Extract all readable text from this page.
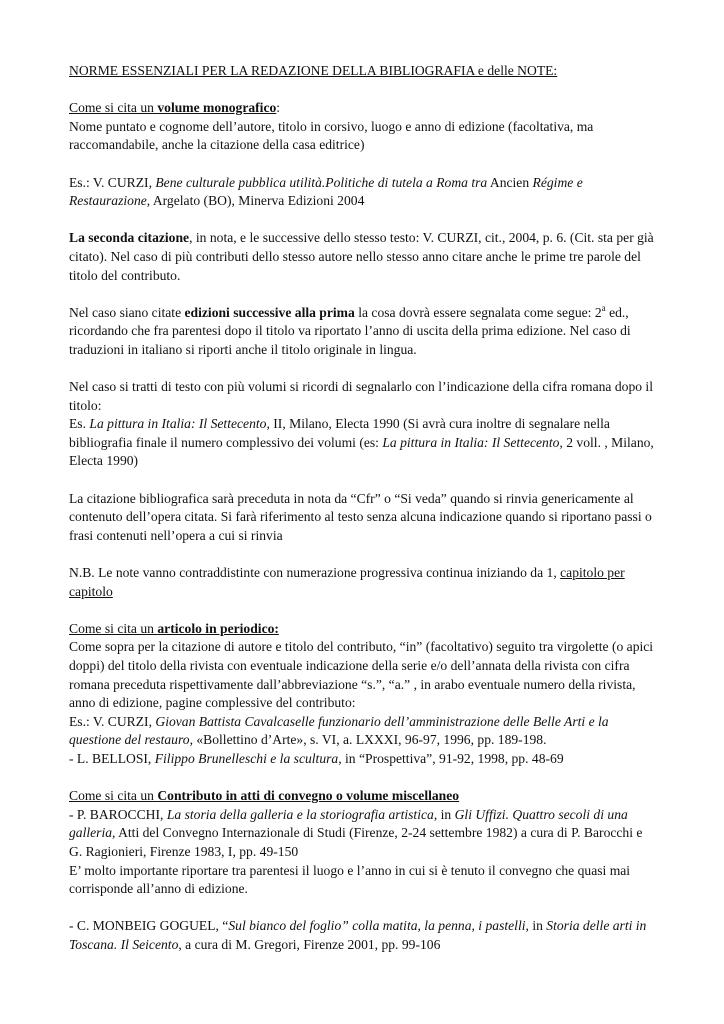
NORME ESSENZIALI PER LA REDAZIONE DELLA BIBLIOGRAFIA e delle NOTE:
Come si cita un volume monografico:
Nome puntato e cognome dell’autore, titolo in corsivo, luogo e anno di edizione (facoltativa, ma raccomandabile, anche la citazione della casa editrice)
Es.: V. CURZI, Bene culturale pubblica utilità.Politiche di tutela a Roma tra Ancien Régime e Restaurazione, Argelato (BO), Minerva Edizioni 2004
La seconda citazione, in nota, e le successive dello stesso testo: V. CURZI, cit., 2004, p. 6. (Cit. sta per già citato). Nel caso di più contributi dello stesso autore nello stesso anno citare anche le prime tre parole del titolo del contributo.
Nel caso siano citate edizioni successive alla prima la cosa dovrà essere segnalata come segue: 2$^a$ ed., ricordando che fra parentesi dopo il titolo va riportato l’anno di uscita della prima edizione. Nel caso di traduzioni in italiano si riporti anche il titolo originale in lingua.
Nel caso si tratti di testo con più volumi si ricordi di segnalarlo con l’indicazione della cifra romana dopo il titolo:
Es. La pittura in Italia: Il Settecento, II, Milano, Electa 1990 (Si avrà cura inoltre di segnalare nella bibliografia finale il numero complessivo dei volumi (es: La pittura in Italia: Il Settecento, 2 voll. , Milano, Electa 1990)
La citazione bibliografica sarà preceduta in nota da “Cfr” o “Si veda” quando si rinvia genericamente al contenuto dell’opera citata. Si farà riferimento al testo senza alcuna indicazione quando si riportano passi o frasi contenuti nell’opera a cui si rinvia
N.B. Le note vanno contraddistinte con numerazione progressiva continua iniziando da 1, capitolo per capitolo
Come si cita un articolo in periodico:
Come sopra per la citazione di autore e titolo del contributo, “in” (facoltativo) seguito tra virgolette (o apici doppi) del titolo della rivista con eventuale indicazione della serie e/o dell’annata della rivista con cifra romana preceduta rispettivamente dall’abbreviazione “s.”, “a.” , in arabo eventuale numero della rivista, anno di edizione, pagine complessive del contributo:
Es.: V. CURZI, Giovan Battista Cavalcaselle funzionario dell’amministrazione delle Belle Arti e la questione del restauro, «Bollettino d’Arte», s. VI, a. LXXXI, 96-97, 1996, pp. 189-198.
- L. BELLOSI, Filippo Brunelleschi e la scultura, in “Prospettiva”, 91-92, 1998, pp. 48-69
Come si cita un Contributo in atti di convegno o volume miscellaneo
- P. BAROCCHI, La storia della galleria e la storiografia artistica, in Gli Uffizi. Quattro secoli di una galleria, Atti del Convegno Internazionale di Studi (Firenze, 2-24 settembre 1982) a cura di P. Barocchi e G. Ragionieri, Firenze 1983, I, pp. 49-150
E’ molto importante riportare tra parentesi il luogo e l’anno in cui si è tenuto il convegno che quasi mai corrisponde all’anno di edizione.
- C. MONBEIG GOGUEL, “Sul bianco del foglio” colla matita, la penna, i pastelli, in Storia delle arti in Toscana. Il Seicento, a cura di M. Gregori, Firenze 2001, pp. 99-106
